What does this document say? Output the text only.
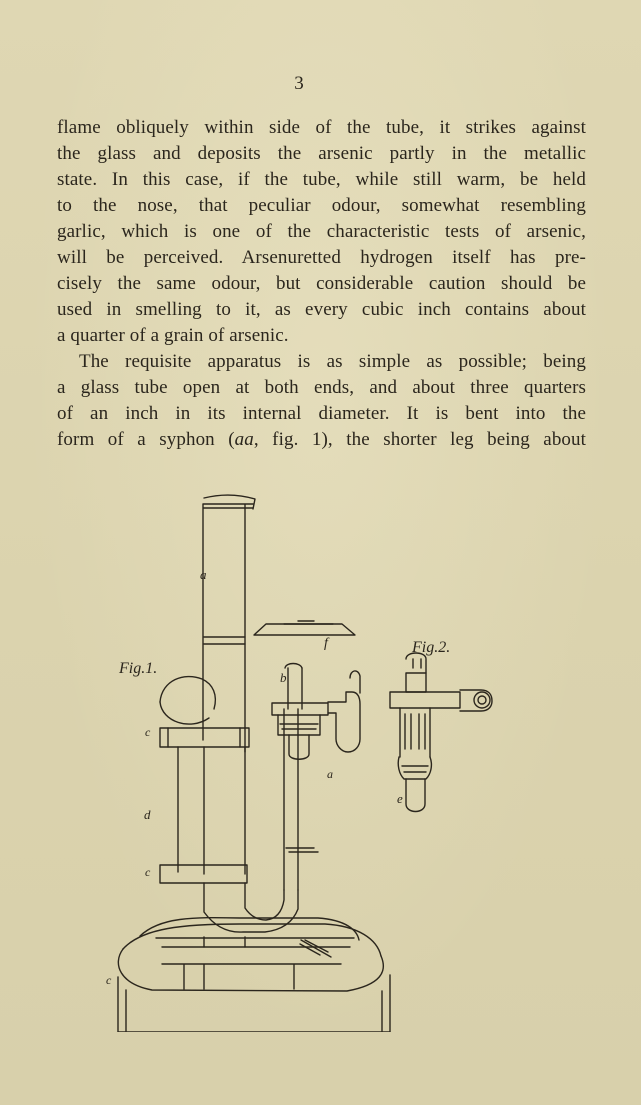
3
flame obliquely within side of the tube, it strikes against
the glass and deposits the arsenic partly in the metallic
state. In this case, if the tube, while still warm, be held
to the nose, that peculiar odour, somewhat resembling
garlic, which is one of the characteristic tests of arsenic,
will be perceived. Arsenuretted hydrogen itself has pre-
cisely the same odour, but considerable caution should be
used in smelling to it, as every cubic inch contains about
a quarter of a grain of arsenic.
The requisite apparatus is as simple as possible; being
a glass tube open at both ends, and about three quarters
of an inch in its internal diameter. It is bent into the
form of a syphon (aa, fig. 1), the shorter leg being about
a
f
Fig.1.
b
Fig.2.
c
d
c
a
e
c
